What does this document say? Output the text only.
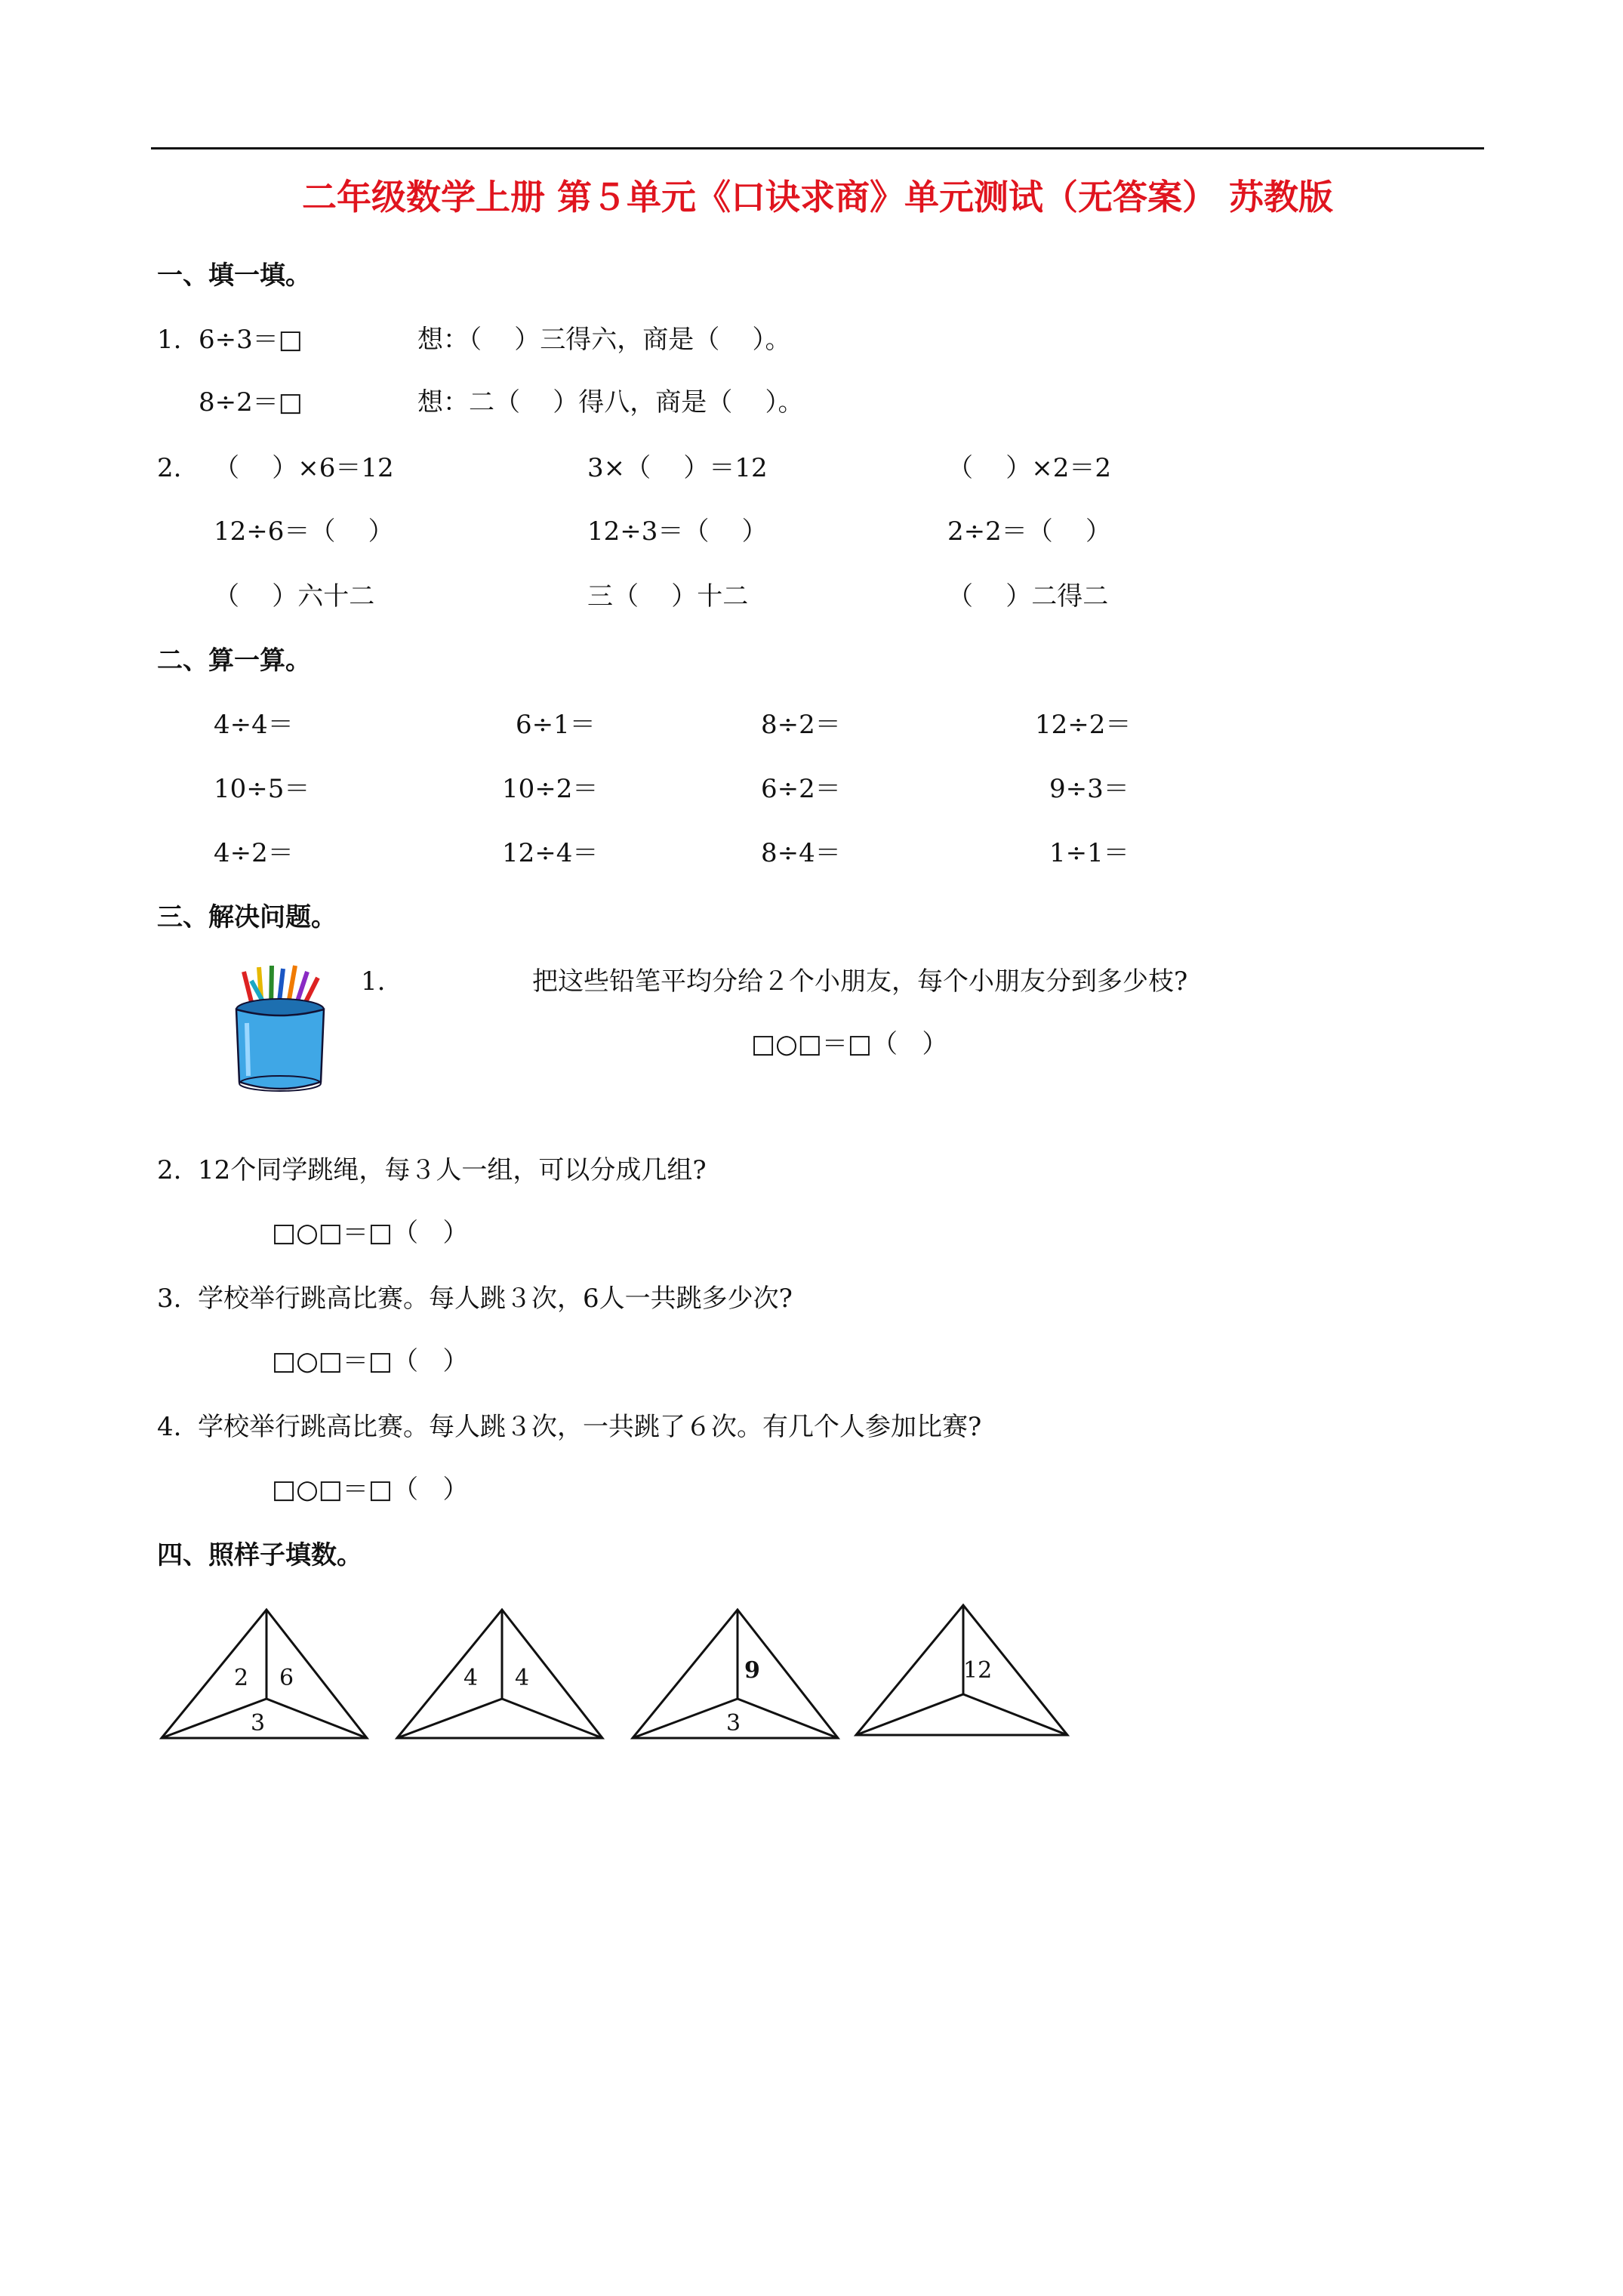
二年级数学上册 第５单元《口诀求商》单元测试（无答案） 苏教版
一、填一填。
1. 6÷3＝□	想：（    ）三得六，商是（    ）。
8÷2＝□	想：二（    ）得八，商是（    ）。
2. （    ）×6＝12	3×（    ）＝12	（    ）×2＝2
12÷6＝（    ）	12÷3＝（    ）	2÷2＝（    ）
（    ）六十二	三（    ）十二	（    ）二得二
二、算一算。
4÷4＝	6÷1＝	8÷2＝	12÷2＝
10÷5＝	10÷2＝	6÷2＝	9÷3＝
4÷2＝	12÷4＝	8÷4＝	1÷1＝
三、解决问题。
1.	把这些铅笔平均分给２个小朋友，每个小朋友分到多少枝?
□○□＝□（   ）
2.  12个同学跳绳，每３人一组，可以分成几组?
□○□＝□（   ）
3.  学校举行跳高比赛。每人跳３次，6人一共跳多少次?
□○□＝□（   ）
4.  学校举行跳高比赛。每人跳３次，一共跳了６次。有几个人参加比赛?
□○□＝□（   ）
四、照样子填数。
2 6
3
4 4	9
3
12
